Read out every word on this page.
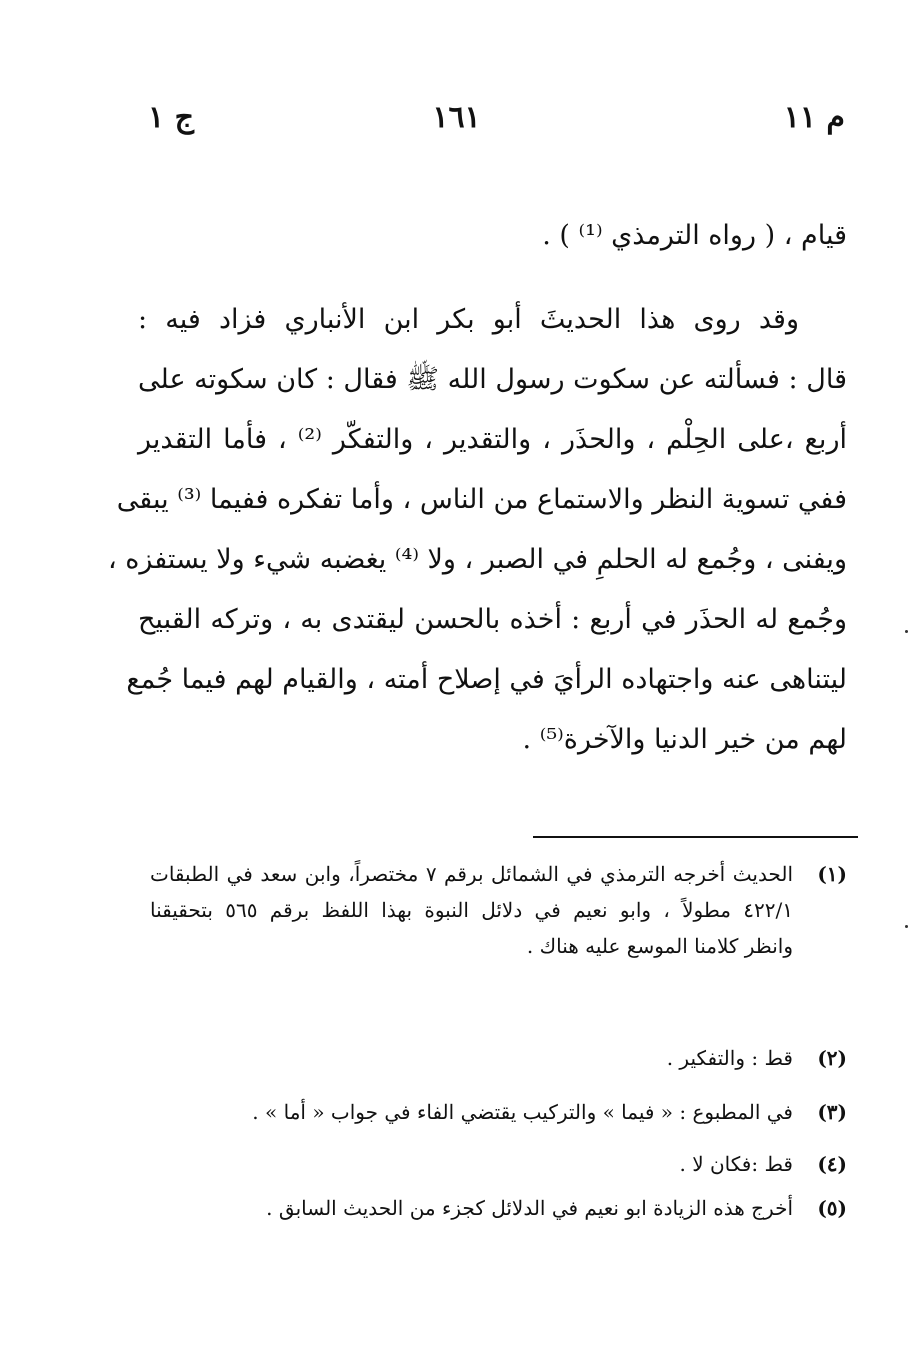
م ١١
١٦١
ج ١
قيام ، ( رواه الترمذي ⁽¹⁾ ) .
وقد روى هذا الحديثَ أبو بكر ابن الأنباري فزاد فيه :
قال : فسألته عن سكوت رسول الله ﷺ فقال : كان سكوته على
أربع ،على الحِلْم ، والحذَر ، والتقدير ، والتفكّر ⁽²⁾ ، فأما التقدير
ففي تسوية النظر والاستماع من الناس ، وأما تفكره ففيما ⁽³⁾ يبقى
ويفنى ، وجُمع له الحلمِ في الصبر ، ولا ⁽⁴⁾ يغضبه شيء ولا يستفزه ،
وجُمع له الحذَر في أربع : أخذه بالحسن ليقتدى به ، وتركه القبيح
ليتناهى عنه واجتهاده الرأيَ في إصلاح أمته ، والقيام لهم فيما جُمع
لهم من خير الدنيا والآخرة⁽⁵⁾ .
(١)
الحديث أخرجه الترمذي في الشمائل برقم ٧ مختصراً، وابن سعد في الطبقات
٤٢٢/١ مطولاً ، وابو نعيم في دلائل النبوة بهذا اللفظ برقم ٥٦٥ بتحقيقنا
وانظر كلامنا الموسع عليه هناك .
(٢)
قط : والتفكير .
(٣)
في المطبوع : « فيما » والتركيب يقتضي الفاء في جواب « أما » .
(٤)
قط :فكان لا .
(٥)
أخرج هذه الزيادة ابو نعيم في الدلائل كجزء من الحديث السابق .
